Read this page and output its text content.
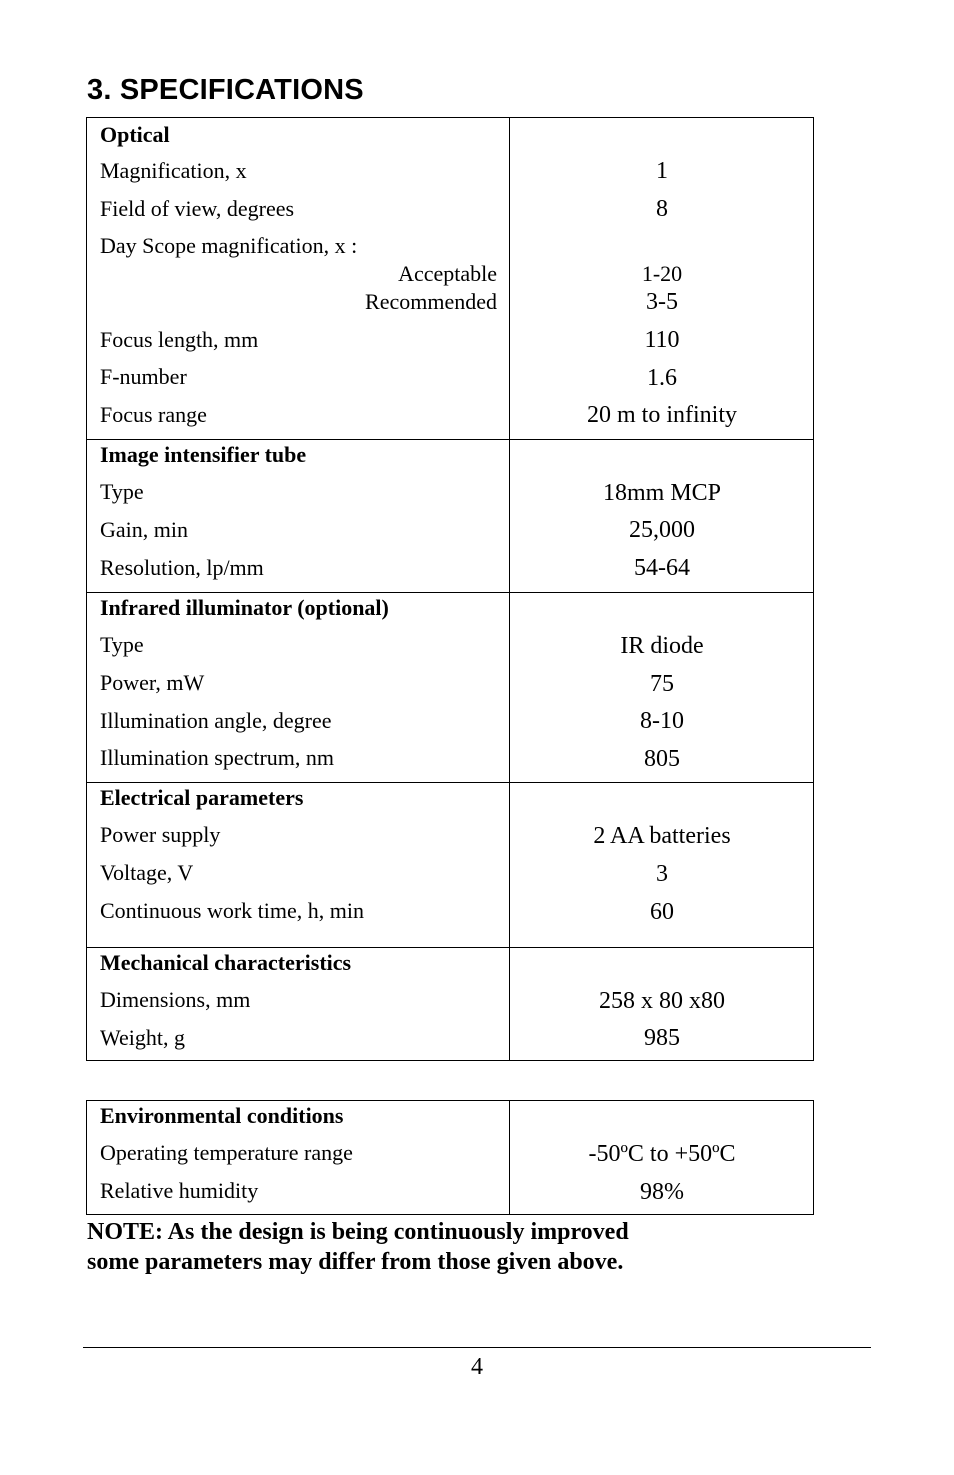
3. SPECIFICATIONS
Optical
Magnification, x	1
Field of view, degrees	8
Day Scope magnification, x :
Acceptable	1-20
Recommended	3-5
Focus length, mm	110
F-number	1.6
Focus range	20 m to infinity
Image intensifier tube
Type	18mm MCP
Gain, min	25,000
Resolution, lp/mm	54-64
Infrared illuminator (optional)
Type	IR diode
Power, mW	75
Illumination angle, degree	8-10
Illumination spectrum, nm	805
Electrical parameters
Power supply	2 AA batteries
Voltage, V	3
Continuous work time, h, min	60
Mechanical characteristics
Dimensions, mm	258 x 80 x80
Weight, g	985
Environmental conditions
Operating temperature range	-50ºC to +50ºC
Relative humidity	98%
NOTE: As the design is being continuously improved
some parameters may differ from those given above.
4
